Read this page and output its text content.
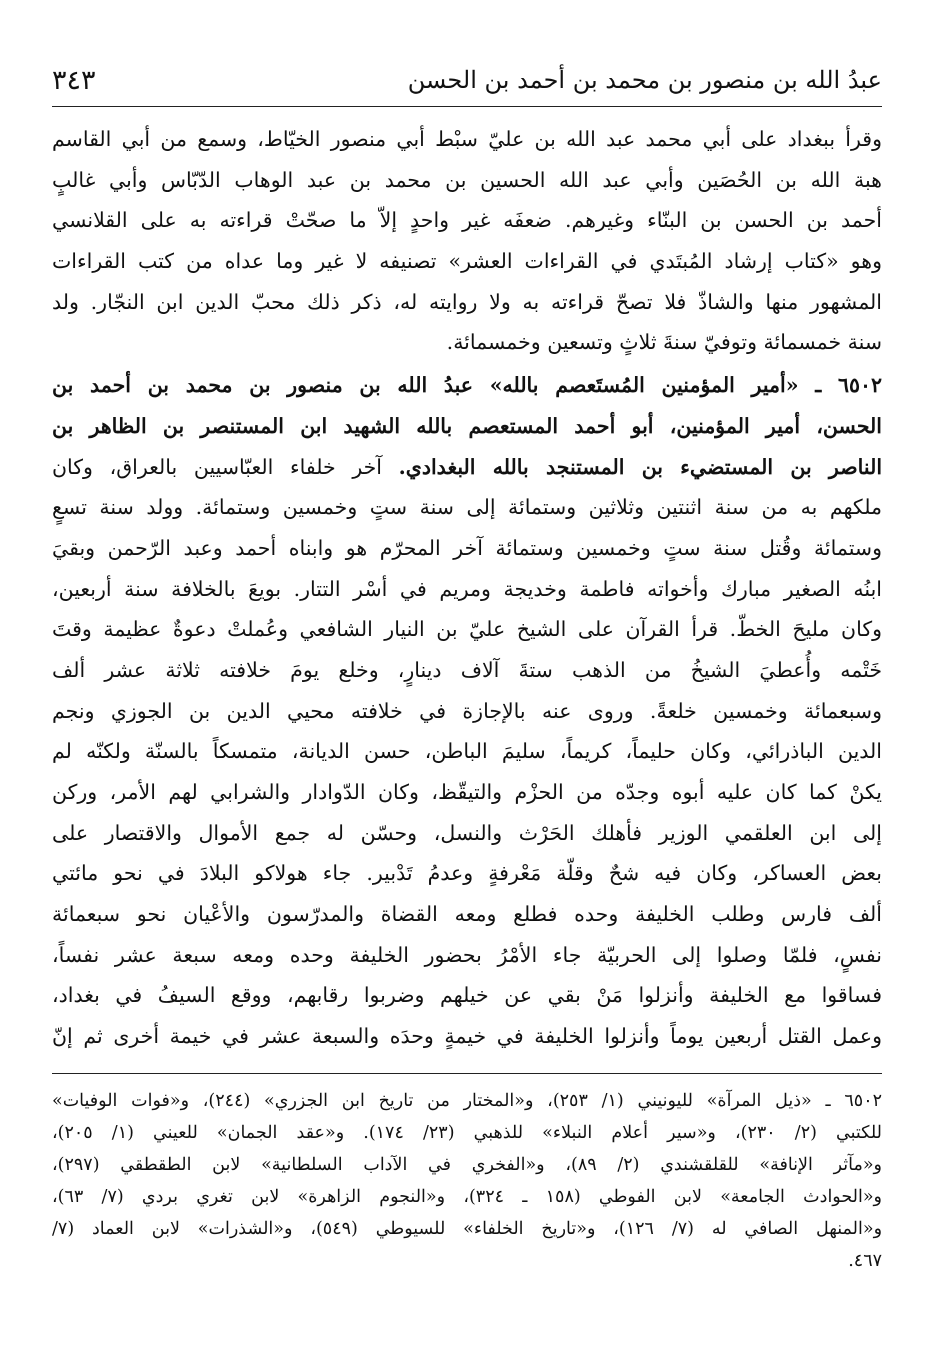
عبدُ الله بن منصور بن محمد بن أحمد بن الحسن
٣٤٣
وقرأ ببغداد على أبي محمد عبد الله بن عليّ سبْط أبي منصور الخيّاط، وسمع من أبي القاسم
هبة الله بن الحُصَين وأبي عبد الله الحسين بن محمد بن عبد الوهاب الدّبّاس وأبي غالبٍ
أحمد بن الحسن بن البنّاء وغيرهم. ضعفَه غير واحدٍ إلاّ ما صحّتْ قراءته به على القلانسي
وهو «كتاب إرشاد المُبتَدي في القراءات العشر» تصنيفه لا غير وما عداه من كتب القراءات
المشهور منها والشاذّ فلا تصحّ قراءته به ولا روايته له، ذكر ذلك محبّ الدين ابن النجّار. ولد
سنة خمسمائة وتوفيّ سنةَ ثلاثٍ وتسعين وخمسمائة.
٦٥٠٢ ـ «أمير المؤمنين المُستَعصم بالله» عبدُ الله بن منصور بن محمد بن أحمد بن
الحسن، أمير المؤمنين، أبو أحمد المستعصم بالله الشهيد ابن المستنصر بن الظاهر بن
الناصر بن المستضيء بن المستنجد بالله البغدادي. آخر خلفاء العبّاسيين بالعراق، وكان
ملكهم به من سنة اثنتين وثلاثين وستمائة إلى سنة ستٍ وخمسين وستمائة. وولد سنة تسعٍ
وستمائة وقُتل سنة ستٍ وخمسين وستمائة آخر المحرّم هو وابناه أحمد وعبد الرّحمن وبقيَ
ابنُه الصغير مبارك وأخواته فاطمة وخديجة ومريم في أسْر التتار. بويعَ بالخلافة سنة أربعين،
وكان مليحَ الخطّ. قرأ القرآن على الشيخ عليّ بن النيار الشافعي وعُملتْ دعوةٌ عظيمة وقتَ
خَتْمه وأُعطيَ الشيخُ من الذهب ستةَ آلاف دينارٍ، وخلع يومَ خلافته ثلاثة عشر ألف
وسبعمائة وخمسين خلعةً. وروى عنه بالإجازة في خلافته محيي الدين بن الجوزي ونجم
الدين الباذرائي، وكان حليماً، كريماً، سليمَ الباطن، حسن الديانة، متمسكاً بالسنّة ولكنّه لم
يكنْ كما كان عليه أبوه وجدّه من الحزْم والتيقّظ، وكان الدّوادار والشرابي لهم الأمر، وركن
إلى ابن العلقمي الوزير فأهلك الحَرْث والنسل، وحسّن له جمع الأموال والاقتصار على
بعض العساكر، وكان فيه شحٌ وقلّة مَعْرفةٍ وعدمُ تَدْبير. جاء هولاكو البلادَ في نحو مائتي
ألف فارس وطلب الخليفة وحده فطلع ومعه القضاة والمدرّسون والأعْيان نحو سبعمائة
نفسٍ، فلمّا وصلوا إلى الحربيّة جاء الأمْرُ بحضور الخليفة وحده ومعه سبعة عشر نفساً،
فساقوا مع الخليفة وأنزلوا مَنْ بقي عن خيلهم وضربوا رقابهم، ووقع السيفُ في بغداد،
وعمل القتل أربعين يوماً وأنزلوا الخليفة في خيمةٍ وحدَه والسبعة عشر في خيمة أخرى ثم إنّ
٦٥٠٢ ـ «ذيل المرآة» لليونيني (١/ ٢٥٣)، و«المختار من تاريخ ابن الجزري» (٢٤٤)، و«فوات الوفيات»
للكتبي (٢/ ٢٣٠)، و«سير أعلام النبلاء» للذهبي (٢٣/ ١٧٤). و«عقد الجمان» للعيني (١/ ٢٠٥)،
و«مآثر الإنافة» للقلقشندي (٢/ ٨٩)، و«الفخري في الآداب السلطانية» لابن الطقطقي (٢٩٧)،
و«الحوادث الجامعة» لابن الفوطي (١٥٨ ـ ٣٢٤)، و«النجوم الزاهرة» لابن تغري بردي (٧/ ٦٣)،
و«المنهل الصافي له (٧/ ١٢٦)، و«تاريخ الخلفاء» للسيوطي (٥٤٩)، و«الشذرات» لابن العماد (٧/
٤٦٧.
